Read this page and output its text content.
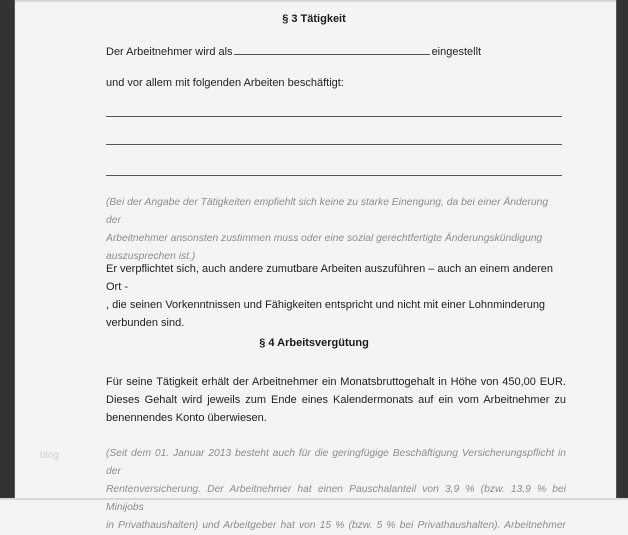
§ 3 Tätigkeit
Der Arbeitnehmer wird als	eingestellt
und vor allem mit folgenden Arbeiten beschäftigt:
(Bei der Angabe der Tätigkeiten empfiehlt sich keine zu starke Einengung, da bei einer Änderung der
Arbeitnehmer ansonsten zustimmen muss oder eine sozial gerechtfertigte Änderungskündigung
auszusprechen ist.)
Er verpflichtet sich, auch andere zumutbare Arbeiten auszuführen – auch an einem anderen Ort -
, die seinen Vorkenntnissen und Fähigkeiten entspricht und nicht mit einer Lohnminderung
verbunden sind.
§ 4 Arbeitsvergütung
Für seine Tätigkeit erhält der Arbeitnehmer ein Monatsbruttogehalt in Höhe von 450,00 EUR.
Dieses Gehalt wird jeweils zum Ende eines Kalendermonats auf ein vom Arbeitnehmer zu
benennendes Konto überwiesen.
blog	(Seit dem 01. Januar 2013 besteht auch für die geringfügige Beschäftigung Versicherungspflicht in der
Rentenversicherung. Der Arbeitnehmer hat einen Pauschalanteil von 3,9 % (bzw. 13,9 % bei Minijobs
in Privathaushalten) und Arbeitgeber hat von 15 % (bzw. 5 % bei Privathaushalten). Arbeitnehmer
